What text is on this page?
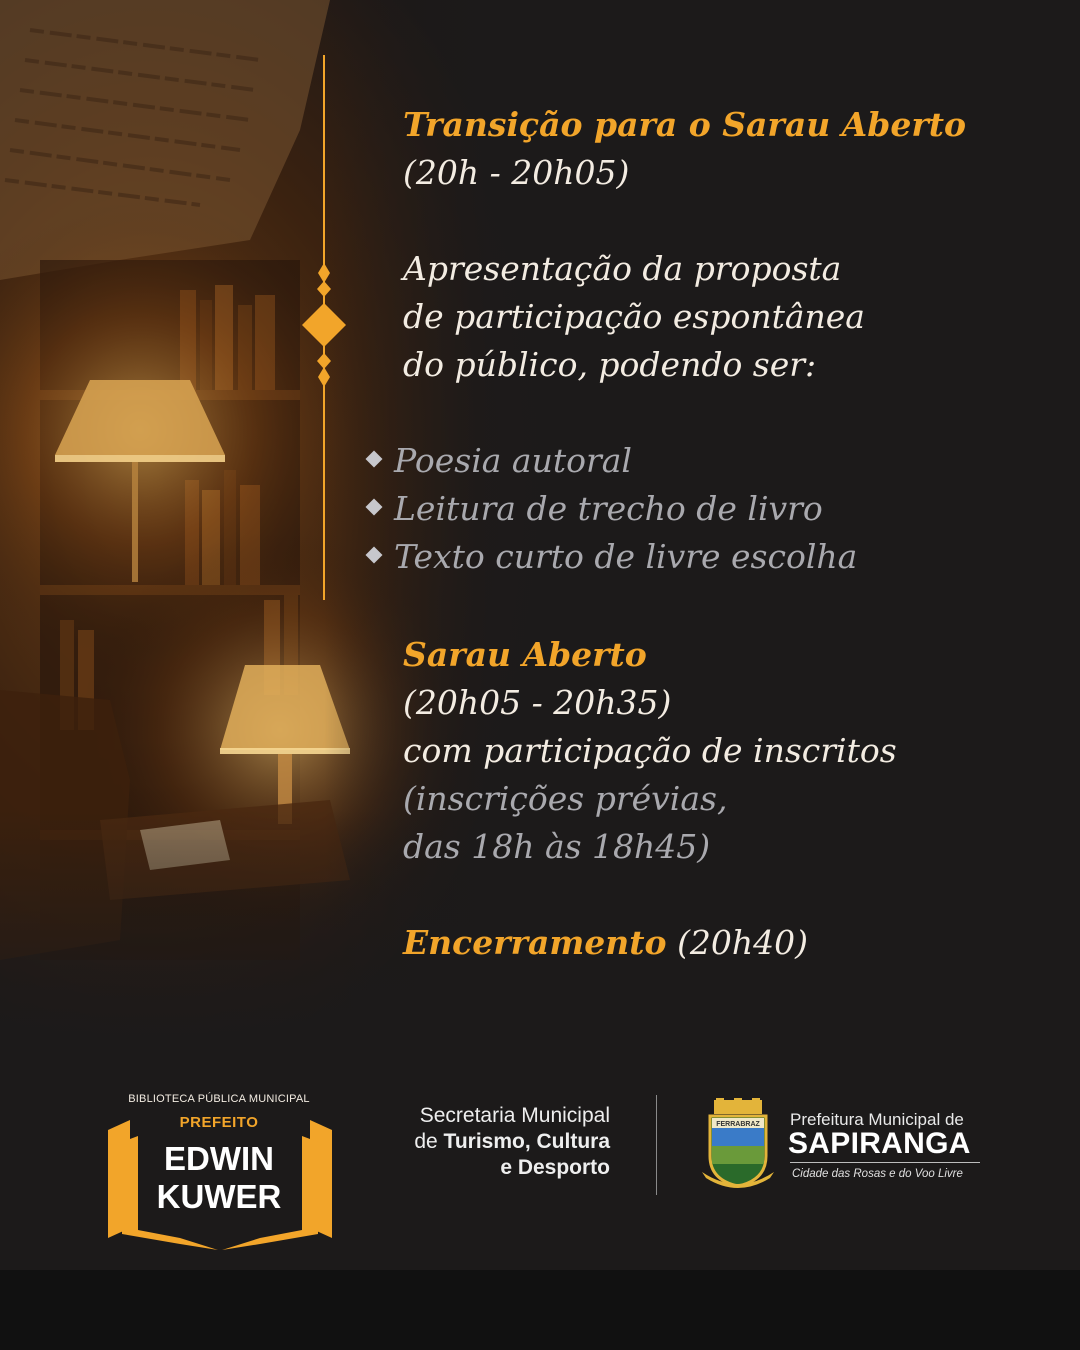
Transição para o Sarau Aberto
(20h - 20h05)
Apresentação da proposta
de participação espontânea
do público, podendo ser:
Poesia autoral
Leitura de trecho de livro
Texto curto de livre escolha
Sarau Aberto
(20h05 - 20h35)
com participação de inscritos
(inscrições prévias,
das 18h às 18h45)
Encerramento (20h40)
BIBLIOTECA PÚBLICA MUNICIPAL
PREFEITO
EDWIN
KUWER
Secretaria Municipal
de Turismo, Cultura
e Desporto
FERRABRAZ Prefeitura Municipal de
SAPIRANGA
Cidade das Rosas e do Voo Livre
